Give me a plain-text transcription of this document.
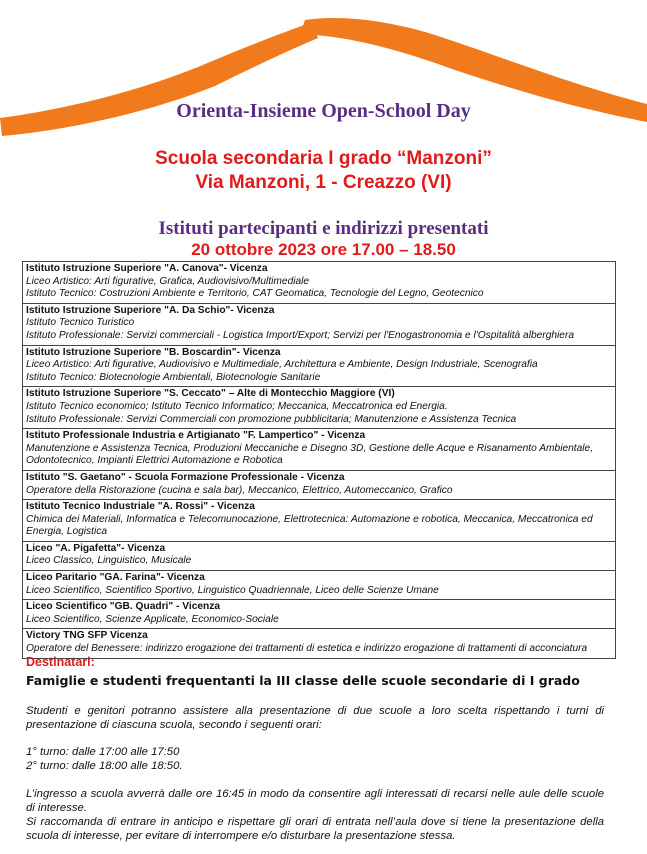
Orienta-Insieme Open-School Day
Scuola secondaria I grado “Manzoni”
Via Manzoni, 1 - Creazzo (VI)
Istituti partecipanti e indirizzi presentati
20 ottobre 2023 ore 17.00 – 18.50
Istituto Istruzione Superiore "A. Canova"- Vicenza
Liceo Artistico: Arti figurative, Grafica, Audiovisivo/Multimediale
Istituto Tecnico: Costruzioni Ambiente e Territorio, CAT Geomatica, Tecnologie del Legno, Geotecnico

Istituto Istruzione Superiore "A. Da Schio"- Vicenza
Istituto Tecnico Turistico
Istituto Professionale: Servizi commerciali - Logistica Import/Export; Servizi per l'Enogastronomia e l'Ospitalità alberghiera

Istituto Istruzione Superiore "B. Boscardin"- Vicenza
Liceo Artistico: Arti figurative, Audiovisivo e Multimediale, Architettura e Ambiente, Design Industriale, Scenografia
Istituto Tecnico: Biotecnologie Ambientali, Biotecnologie Sanitarie

Istituto Istruzione Superiore "S. Ceccato" – Alte di Montecchio Maggiore (VI)
Istituto Tecnico economico; Istituto Tecnico Informatico; Meccanica, Meccatronica ed Energia.
Istituto Professionale: Servizi Commerciali con promozione pubblicitaria; Manutenzione e Assistenza Tecnica

Istituto Professionale Industria e Artigianato "F. Lampertico" - Vicenza
Manutenzione e Assistenza Tecnica, Produzioni Meccaniche e Disegno 3D, Gestione delle Acque e Risanamento Ambientale, Odontotecnico, Impianti Elettrici Automazione e Robotica

Istituto "S. Gaetano" - Scuola Formazione Professionale - Vicenza
Operatore della Ristorazione (cucina e sala bar), Meccanico, Elettrico, Automeccanico, Grafico

Istituto Tecnico Industriale "A. Rossi" - Vicenza
Chimica dei Materiali, Informatica e Telecomunocazione, Elettrotecnica: Automazione e robotica, Meccanica, Meccatronica ed Energia, Logistica

Liceo "A. Pigafetta"- Vicenza
Liceo Classico, Linguistico, Musicale

Liceo Paritario "GA. Farina"- Vicenza
Liceo Scientifico, Scientifico Sportivo, Linguistico Quadriennale, Liceo delle Scienze Umane

Liceo Scientifico "GB. Quadri" - Vicenza
Liceo Scientifico, Scienze Applicate, Economico-Sociale

Victory TNG SFP Vicenza
Operatore del Benessere: indirizzo erogazione dei trattamenti di estetica e indirizzo erogazione di trattamenti di acconciatura
Destinatari:
Famiglie e studenti frequentanti la III classe delle scuole secondarie di I grado
Studenti e genitori potranno assistere alla presentazione di due scuole a loro scelta rispettando i turni di presentazione di ciascuna scuola, secondo i seguenti orari:
1° turno: dalle 17:00 alle 17:50
2° turno: dalle 18:00 alle 18:50.
L’ingresso a scuola avverrà dalle ore 16:45 in modo da consentire agli interessati di recarsi nelle aule delle scuole di interesse.
Si raccomanda di entrare in anticipo e rispettare gli orari di entrata nell’aula dove si tiene la presentazione della scuola di interesse, per evitare di interrompere e/o disturbare la presentazione stessa.
